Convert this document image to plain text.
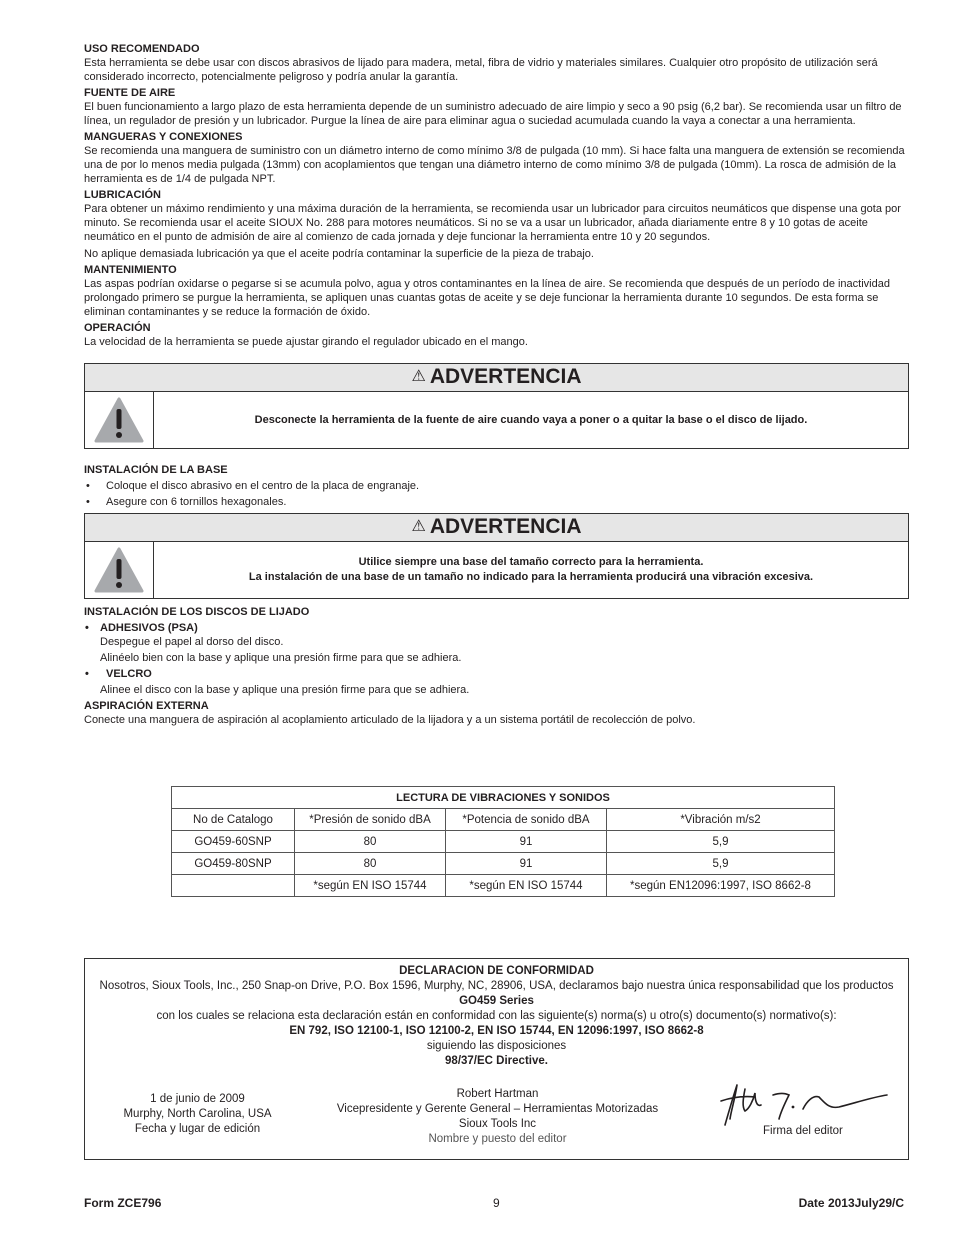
USO RECOMENDADO
Esta herramienta se debe usar con discos abrasivos de lijado para madera, metal, fibra de vidrio y materiales similares. Cualquier otro propósito de utilización será considerado incorrecto, potencialmente peligroso y podría anular la garantía.
FUENTE DE AIRE
El buen funcionamiento a largo plazo de esta herramienta depende de un suministro adecuado de aire limpio y seco a 90 psig (6,2 bar). Se recomienda usar un filtro de línea, un regulador de presión y un lubricador. Purgue la línea de aire para eliminar agua o suciedad acumulada cuando la vaya a conectar a una herramienta.
MANGUERAS Y CONEXIONES
Se recomienda una manguera de suministro con un diámetro interno de como mínimo 3/8 de pulgada (10 mm). Si hace falta una manguera de extensión se recomienda una de por lo menos media pulgada (13mm) con acoplamientos que tengan una diámetro interno de como mínimo 3/8 de pulgada (10mm). La rosca de admisión de la herramienta es de 1/4 de pulgada NPT.
LUBRICACIÓN
Para obtener un máximo rendimiento y una máxima duración de la herramienta, se recomienda usar un lubricador para circuitos neumáticos que dispense una gota por minuto. Se recomienda usar el aceite SIOUX No. 288 para motores neumáticos. Si no se va a usar un lubricador, añada diariamente entre 8 y 10 gotas de aceite neumático en el punto de admisión de aire al comienzo de cada jornada y deje funcionar la herramienta entre 10 y 20 segundos.
No aplique demasiada lubricación ya que el aceite podría contaminar la superficie de la pieza de trabajo.
MANTENIMIENTO
Las aspas podrían oxidarse o pegarse si se acumula polvo, agua y otros contaminantes en la línea de aire. Se recomienda que después de un período de inactividad prolongado primero se purgue la herramienta, se apliquen unas cuantas gotas de aceite y se deje funcionar la herramienta durante 10 segundos. De esta forma se eliminan contaminantes y se reduce la formación de óxido.
OPERACIÓN
La velocidad de la herramienta se puede ajustar girando el regulador ubicado en el mango.
⚠ ADVERTENCIA
Desconecte la herramienta de la fuente de aire cuando vaya a poner o a quitar la base o el disco de lijado.
INSTALACIÓN DE LA BASE
• Coloque el disco abrasivo en el centro de la placa de engranaje.
• Asegure con 6 tornillos hexagonales.
⚠ ADVERTENCIA
Utilice siempre una base del tamaño correcto para la herramienta.
La instalación de una base de un tamaño no indicado para la herramienta producirá una vibración excesiva.
INSTALACIÓN DE LOS DISCOS DE LIJADO
• ADHESIVOS (PSA)
Despegue el papel al dorso del disco.
Alinéelo bien con la base y aplique una presión firme para que se adhiera.
• VELCRO
Alinee el disco con la base y aplique una presión firme para que se adhiera.
ASPIRACIÓN EXTERNA
Conecte una manguera de aspiración al acoplamiento articulado de la lijadora y a un sistema portátil de recolección de polvo.
LECTURA DE VIBRACIONES Y SONIDOS			
No de Catalogo	*Presión de sonido dBA	*Potencia de sonido dBA	*Vibración m/s2
GO459-60SNP	80	91	5,9
GO459-80SNP	80	91	5,9
	*según EN ISO 15744	*según EN ISO 15744	*según EN12096:1997, ISO 8662-8
DECLARACION DE CONFORMIDAD
Nosotros, Sioux Tools, Inc., 250 Snap-on Drive, P.O. Box 1596, Murphy, NC, 28906, USA, declaramos bajo nuestra única responsabilidad que los productos
GO459 Series
con los cuales se relaciona esta declaración están en conformidad con las siguiente(s) norma(s) u otro(s) documento(s) normativo(s):
EN 792, ISO 12100-1, ISO 12100-2, EN ISO 15744, EN 12096:1997, ISO 8662-8
siguiendo las disposiciones
98/37/EC Directive.
1 de junio de 2009
Murphy, North Carolina, USA
Fecha y lugar de edición
Robert Hartman
Vicepresidente y Gerente General – Herramientas Motorizadas
Sioux Tools Inc
Nombre y puesto del editor
Firma del editor
Form ZCE796	9	Date 2013July29/C
